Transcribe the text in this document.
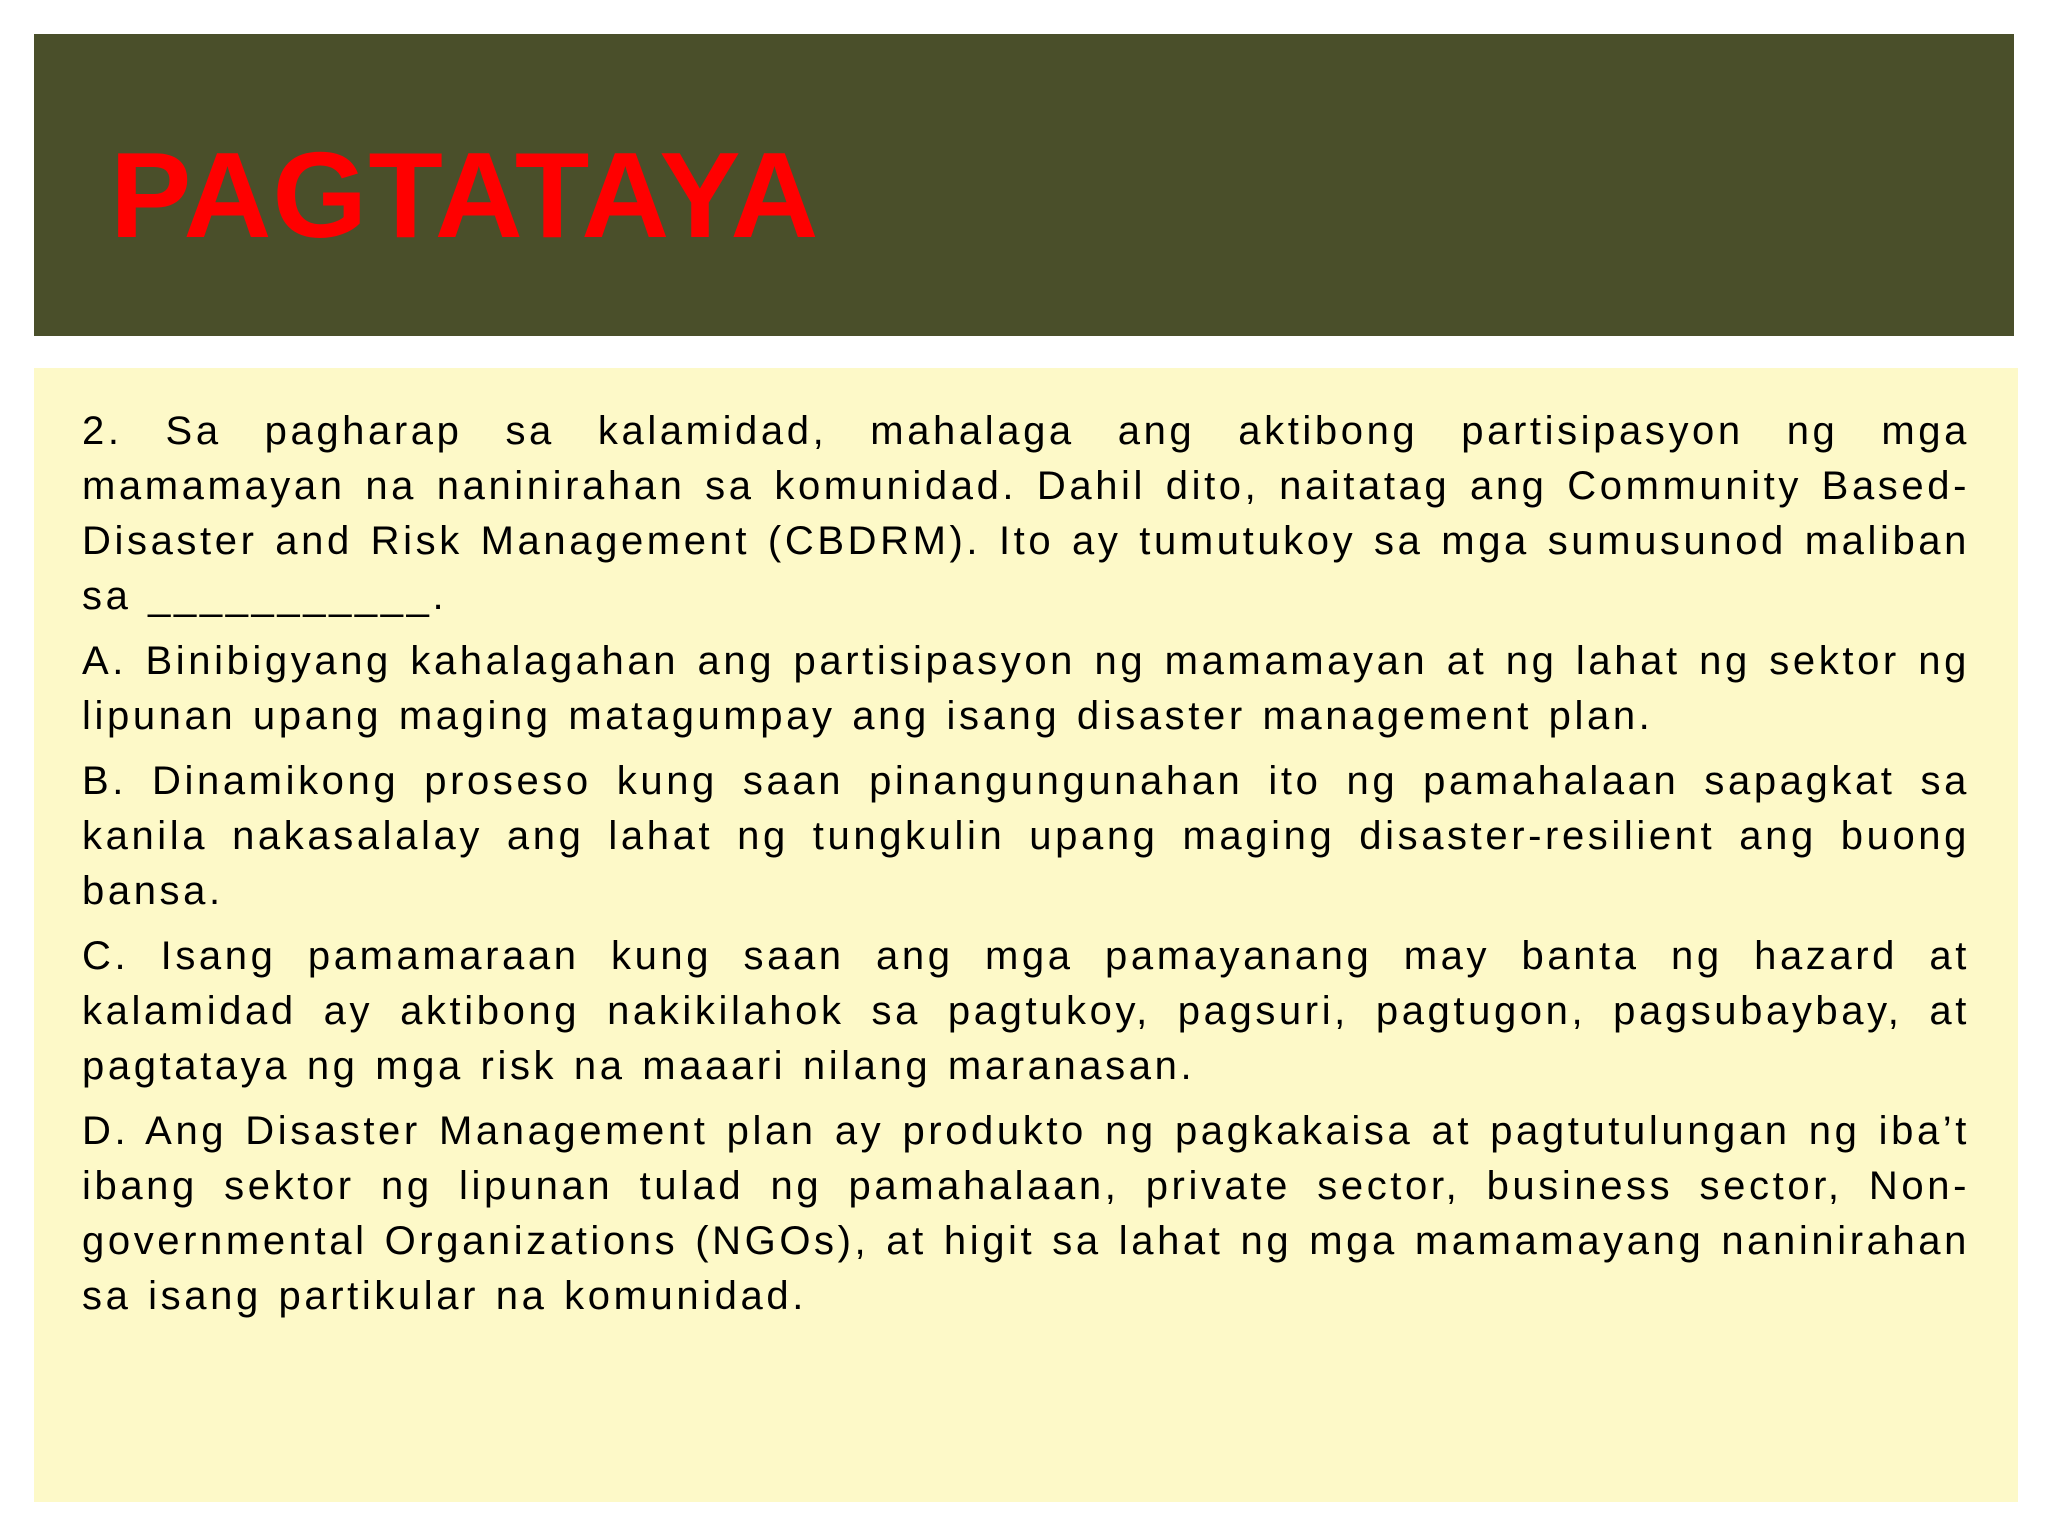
PAGTATAYA

2. Sa pagharap sa kalamidad, mahalaga ang aktibong partisipasyon ng mga mamamayan na naninirahan sa komunidad. Dahil dito, naitatag ang Community Based-Disaster and Risk Management (CBDRM). Ito ay tumutukoy sa mga sumusunod maliban sa ___________.

A. Binibigyang kahalagahan ang partisipasyon ng mamamayan at ng lahat ng sektor ng lipunan upang maging matagumpay ang isang disaster management plan.

B. Dinamikong proseso kung saan pinangungunahan ito ng pamahalaan sapagkat sa kanila nakasalalay ang lahat ng tungkulin upang maging disaster-resilient ang buong bansa.

C. Isang pamamaraan kung saan ang mga pamayanang may banta ng hazard at kalamidad ay aktibong nakikilahok sa pagtukoy, pagsuri, pagtugon, pagsubaybay, at pagtataya ng mga risk na maaari nilang maranasan.

D. Ang Disaster Management plan ay produkto ng pagkakaisa at pagtutulungan ng iba’t ibang sektor ng lipunan tulad ng pamahalaan, private sector, business sector, Non-governmental Organizations (NGOs), at higit sa lahat ng mga mamamayang naninirahan sa isang partikular na komunidad.
